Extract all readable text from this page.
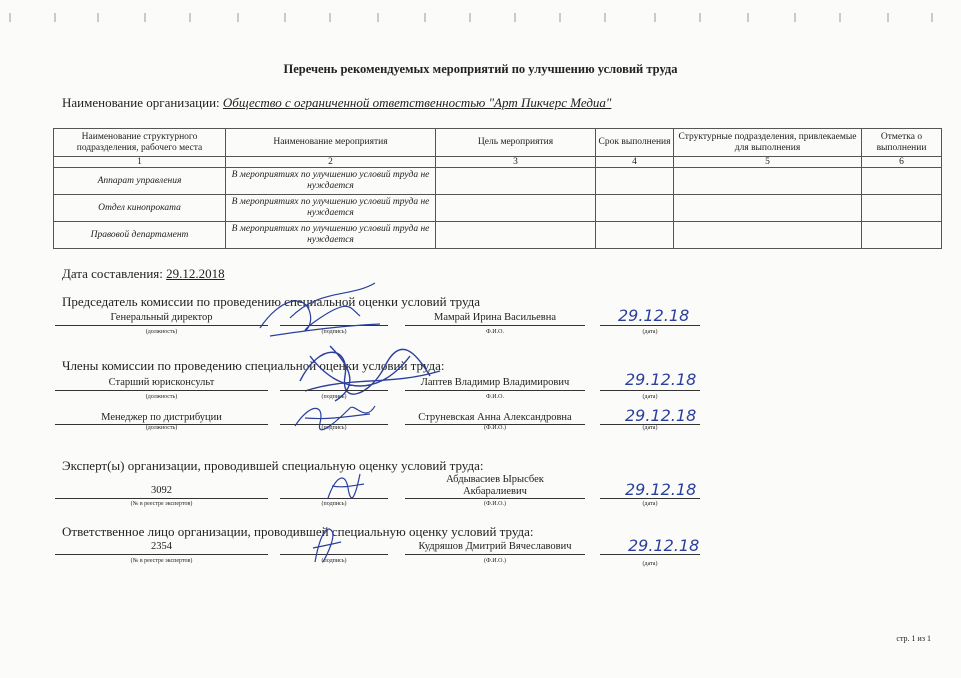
Перечень рекомендуемых мероприятий по улучшению условий труда
Наименование организации: Общество с ограниченной ответственностью "Арт Пикчерс Медиа"
Наименование структурного подразделения, рабочего места	Наименование мероприятия	Цель мероприятия	Срок выполнения	Структурные подразделения, привлекаемые для выполнения	Отметка о выполнении
1	2	3	4	5	6
Аппарат управления	В мероприятиях по улучшению условий труда не нуждается				
Отдел кинопроката	В мероприятиях по улучшению условий труда не нуждается				
Правовой департамент	В мероприятиях по улучшению условий труда не нуждается				
Дата составления: 29.12.2018
Председатель комиссии по проведению специальной оценки условий труда
Генеральный директор
(должность)	(подпись)
Мамрай Ирина Васильевна
Ф.И.О.
29.12.18
(дата)
Члены комиссии по проведению специальной оценки условий труда:
Старший юрисконсульт
(должность)	(подпись)
Лаптев Владимир Владимирович
Ф.И.О.
29.12.18
(дата)
Менеджер по дистрибуции
(должность)	(подпись)
Струневская Анна Александровна
(Ф.И.О.)
29.12.18
(дата)
Эксперт(ы) организации, проводившей специальную оценку условий труда:
3092
(№ в реестре экспертов)	(подпись)
Абдывасиев Ырысбек
Акбаралиевич
(Ф.И.О.)
29.12.18
(дата)
Ответственное лицо организации, проводившей специальную оценку условий труда:
2354
(№ в реестре экспертов)	(подпись)
Кудряшов Дмитрий Вячеславович
(Ф.И.О.)
29.12.18
(дата)
стр. 1 из 1
